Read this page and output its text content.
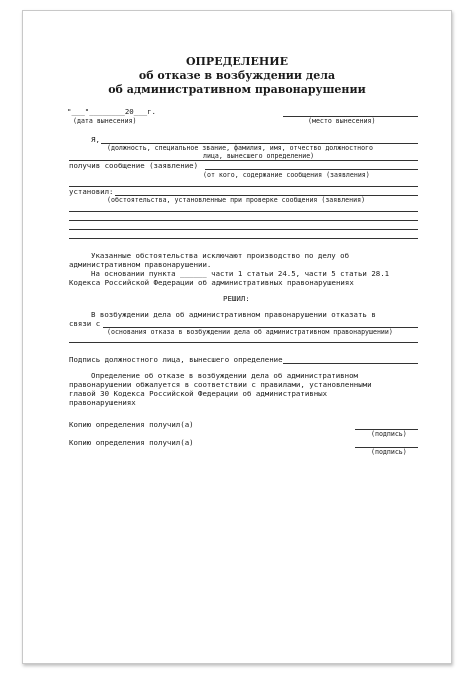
ОПРЕДЕЛЕНИЕ
об отказе в возбуждении дела
об административном правонарушении
"___"________20___г.
(дата вынесения)	(место вынесения)
Я,
(должность, специальное звание, фамилия, имя, отчество должностного
лица, вынесшего определение)
получив сообщение (заявление)
(от кого, содержание сообщения (заявления)
установил:
(обстоятельства, установленные при проверке сообщения (заявления)
Указанные обстоятельства исключают производство по делу об
административном правонарушении.
На основании пункта ______ части 1 статьи 24.5, части 5 статьи 28.1
Кодекса Российской Федерации об административных правонарушениях
РЕШИЛ:
В возбуждении дела об административном правонарушении отказать в
связи с
(основания отказа в возбуждении дела об административном правонарушении)
Подпись должностного лица, вынесшего определение
Определение об отказе в возбуждении дела об административном
правонарушении обжалуется в соответствии с правилами, установленными
главой 30 Кодекса Российской Федерации об административных
правонарушениях
Копию определения получил(а)
(подпись)
Копию определения получил(а)
(подпись)
